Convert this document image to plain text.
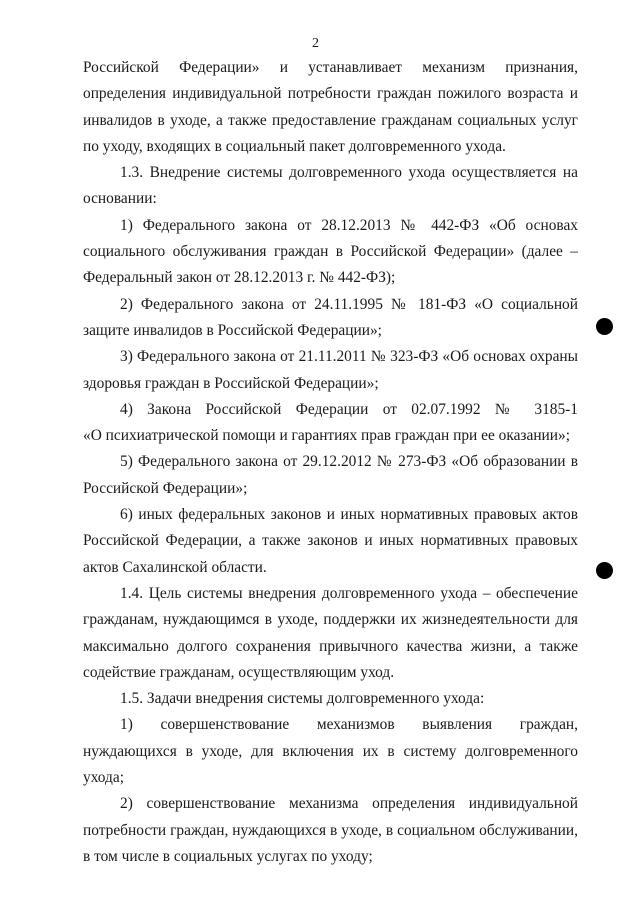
2

Российской Федерации» и устанавливает механизм признания, определения индивидуальной потребности граждан пожилого возраста и инвалидов в уходе, а также предоставление гражданам социальных услуг по уходу, входящих в социальный пакет долговременного ухода.

1.3. Внедрение системы долговременного ухода осуществляется на основании:

1) Федерального закона от 28.12.2013 № 442-ФЗ «Об основах социального обслуживания граждан в Российской Федерации» (далее – Федеральный закон от 28.12.2013 г. № 442-ФЗ);

2) Федерального закона от 24.11.1995 № 181-ФЗ «О социальной защите инвалидов в Российской Федерации»;

3) Федерального закона от 21.11.2011 № 323-ФЗ «Об основах охраны здоровья граждан в Российской Федерации»;

4) Закона Российской Федерации от 02.07.1992 № 3185-1

«О психиатрической помощи и гарантиях прав граждан при ее оказании»;

5) Федерального закона от 29.12.2012 № 273-ФЗ «Об образовании в Российской Федерации»;

6) иных федеральных законов и иных нормативных правовых актов Российской Федерации, а также законов и иных нормативных правовых актов Сахалинской области.

1.4. Цель системы внедрения долговременного ухода – обеспечение гражданам, нуждающимся в уходе, поддержки их жизнедеятельности для максимально долгого сохранения привычного качества жизни, а также содействие гражданам, осуществляющим уход.

1.5. Задачи внедрения системы долговременного ухода:

1) совершенствование механизмов выявления граждан, нуждающихся в уходе, для включения их в систему долговременного ухода;

2) совершенствование механизма определения индивидуальной потребности граждан, нуждающихся в уходе, в социальном обслуживании, в том числе в социальных услугах по уходу;
